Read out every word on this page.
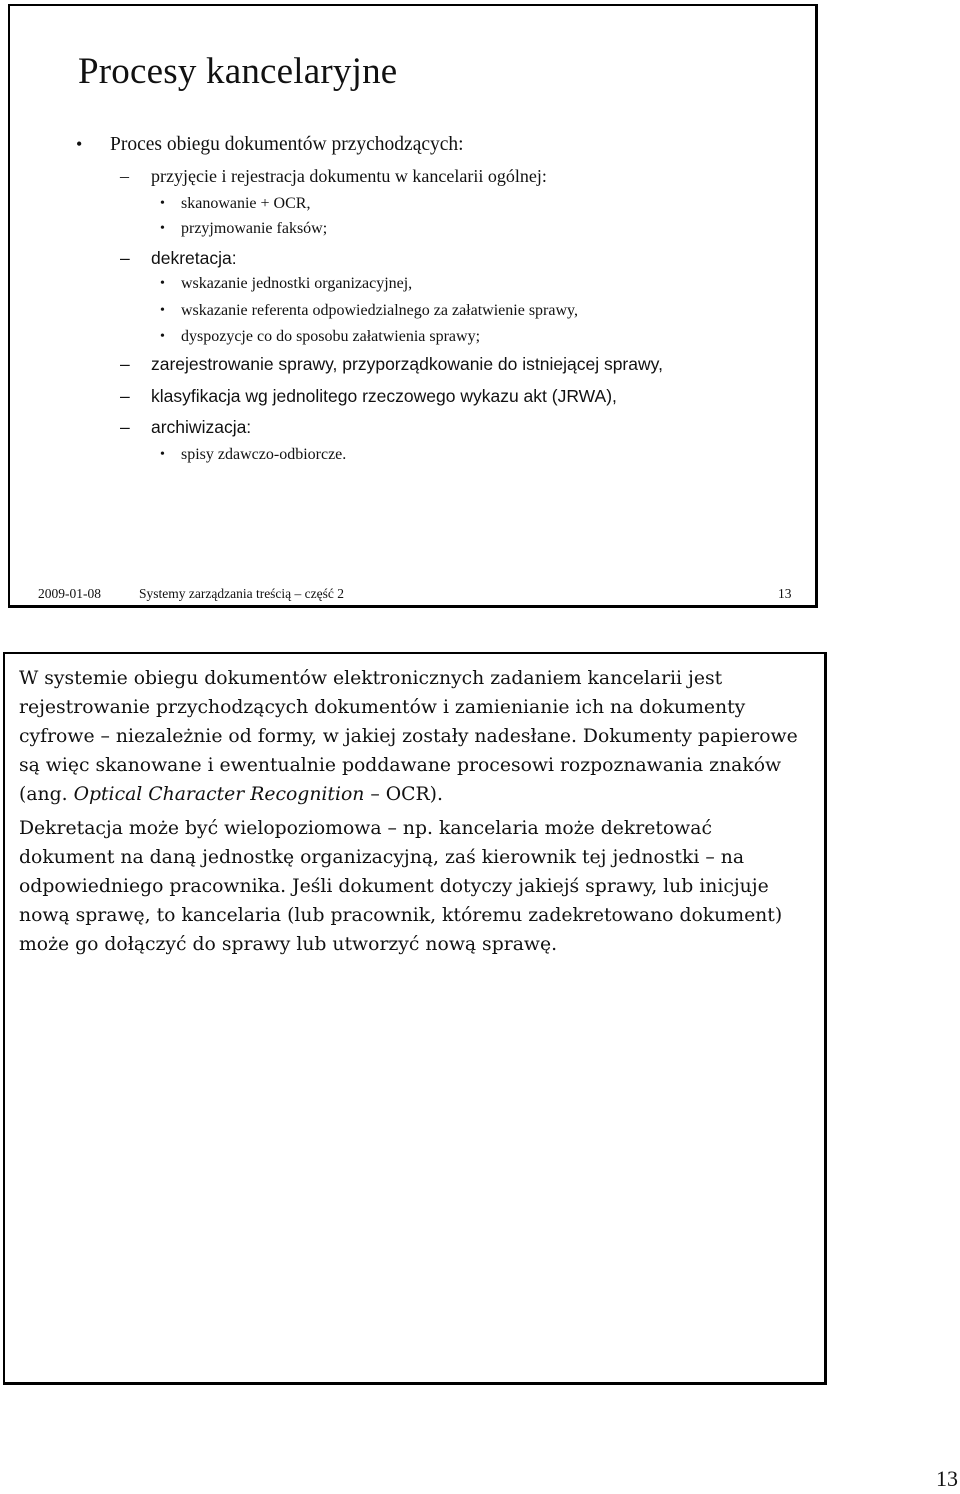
Procesy kancelaryjne
• Proces obiegu dokumentów przychodzących:
– przyjęcie i rejestracja dokumentu w kancelarii ogólnej:
• skanowanie + OCR,
• przyjmowanie faksów;
– dekretacja:
• wskazanie jednostki organizacyjnej,
• wskazanie referenta odpowiedzialnego za załatwienie sprawy,
• dyspozycje co do sposobu załatwienia sprawy;
– zarejestrowanie sprawy, przyporządkowanie do istniejącej sprawy,
– klasyfikacja wg jednolitego rzeczowego wykazu akt (JRWA),
– archiwizacja:
• spisy zdawczo-odbiorcze.
2009-01-08	Systemy zarządzania treścią – część 2	13

W systemie obiegu dokumentów elektronicznych zadaniem kancelarii jest rejestrowanie przychodzących dokumentów i zamienianie ich na dokumenty cyfrowe – niezależnie od formy, w jakiej zostały nadesłane. Dokumenty papierowe są więc skanowane i ewentualnie poddawane procesowi rozpoznawania znaków (ang. Optical Character Recognition – OCR).

Dekretacja może być wielopoziomowa – np. kancelaria może dekretować dokument na daną jednostkę organizacyjną, zaś kierownik tej jednostki – na odpowiedniego pracownika. Jeśli dokument dotyczy jakiejś sprawy, lub inicjuje nową sprawę, to kancelaria (lub pracownik, któremu zadekretowano dokument) może go dołączyć do sprawy lub utworzyć nową sprawę.

13
